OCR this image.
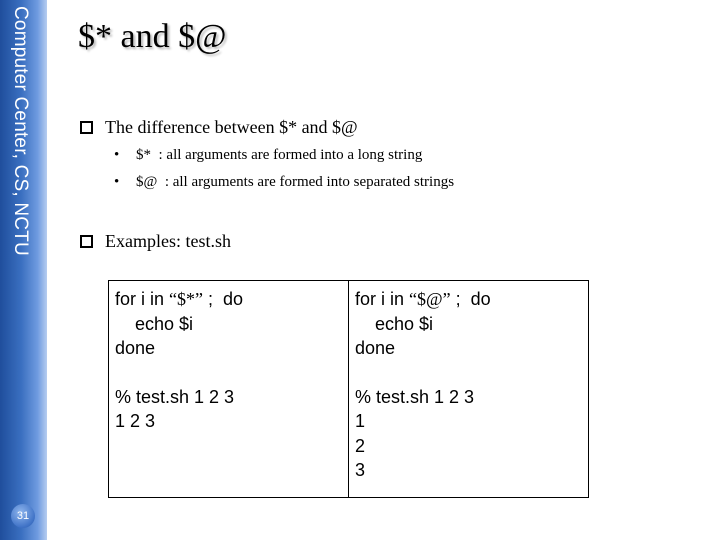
Computer Center, CS, NCTU
31
$* and $@
The difference between $* and $@
• $*  : all arguments are formed into a long string
• $@  : all arguments are formed into separated strings
Examples: test.sh
for i in “$*” ;  do
echo $i
done
% test.sh 1 2 3
1 2 3
for i in “$@” ;  do
echo $i
done
% test.sh 1 2 3
1
2
3
